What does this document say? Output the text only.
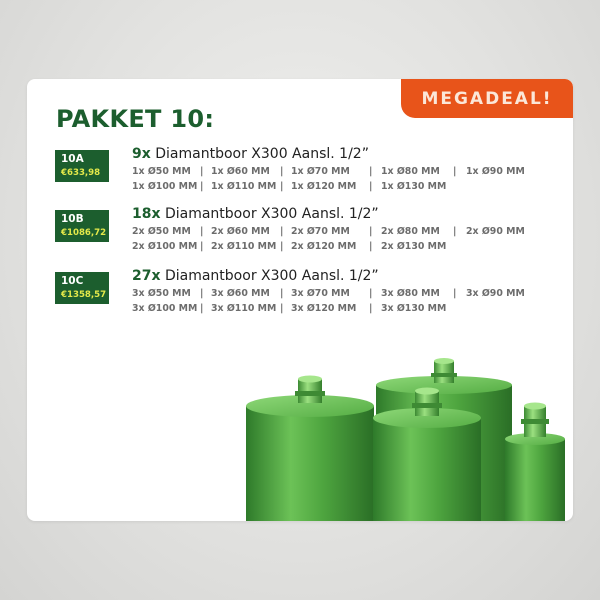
MEGADEAL!
PAKKET 10:
10A
€633,98
9x Diamantboor X300 Aansl. 1/2”
1x Ø50 MM | 1x Ø60 MM | 1x Ø70 MM | 1x Ø80 MM | 1x Ø90 MM
1x Ø100 MM | 1x Ø110 MM | 1x Ø120 MM | 1x Ø130 MM
10B
€1086,72
18x Diamantboor X300 Aansl. 1/2”
2x Ø50 MM | 2x Ø60 MM | 2x Ø70 MM | 2x Ø80 MM | 2x Ø90 MM
2x Ø100 MM | 2x Ø110 MM | 2x Ø120 MM | 2x Ø130 MM
10C
€1358,57
27x Diamantboor X300 Aansl. 1/2”
3x Ø50 MM | 3x Ø60 MM | 3x Ø70 MM | 3x Ø80 MM | 3x Ø90 MM
3x Ø100 MM | 3x Ø110 MM | 3x Ø120 MM | 3x Ø130 MM
